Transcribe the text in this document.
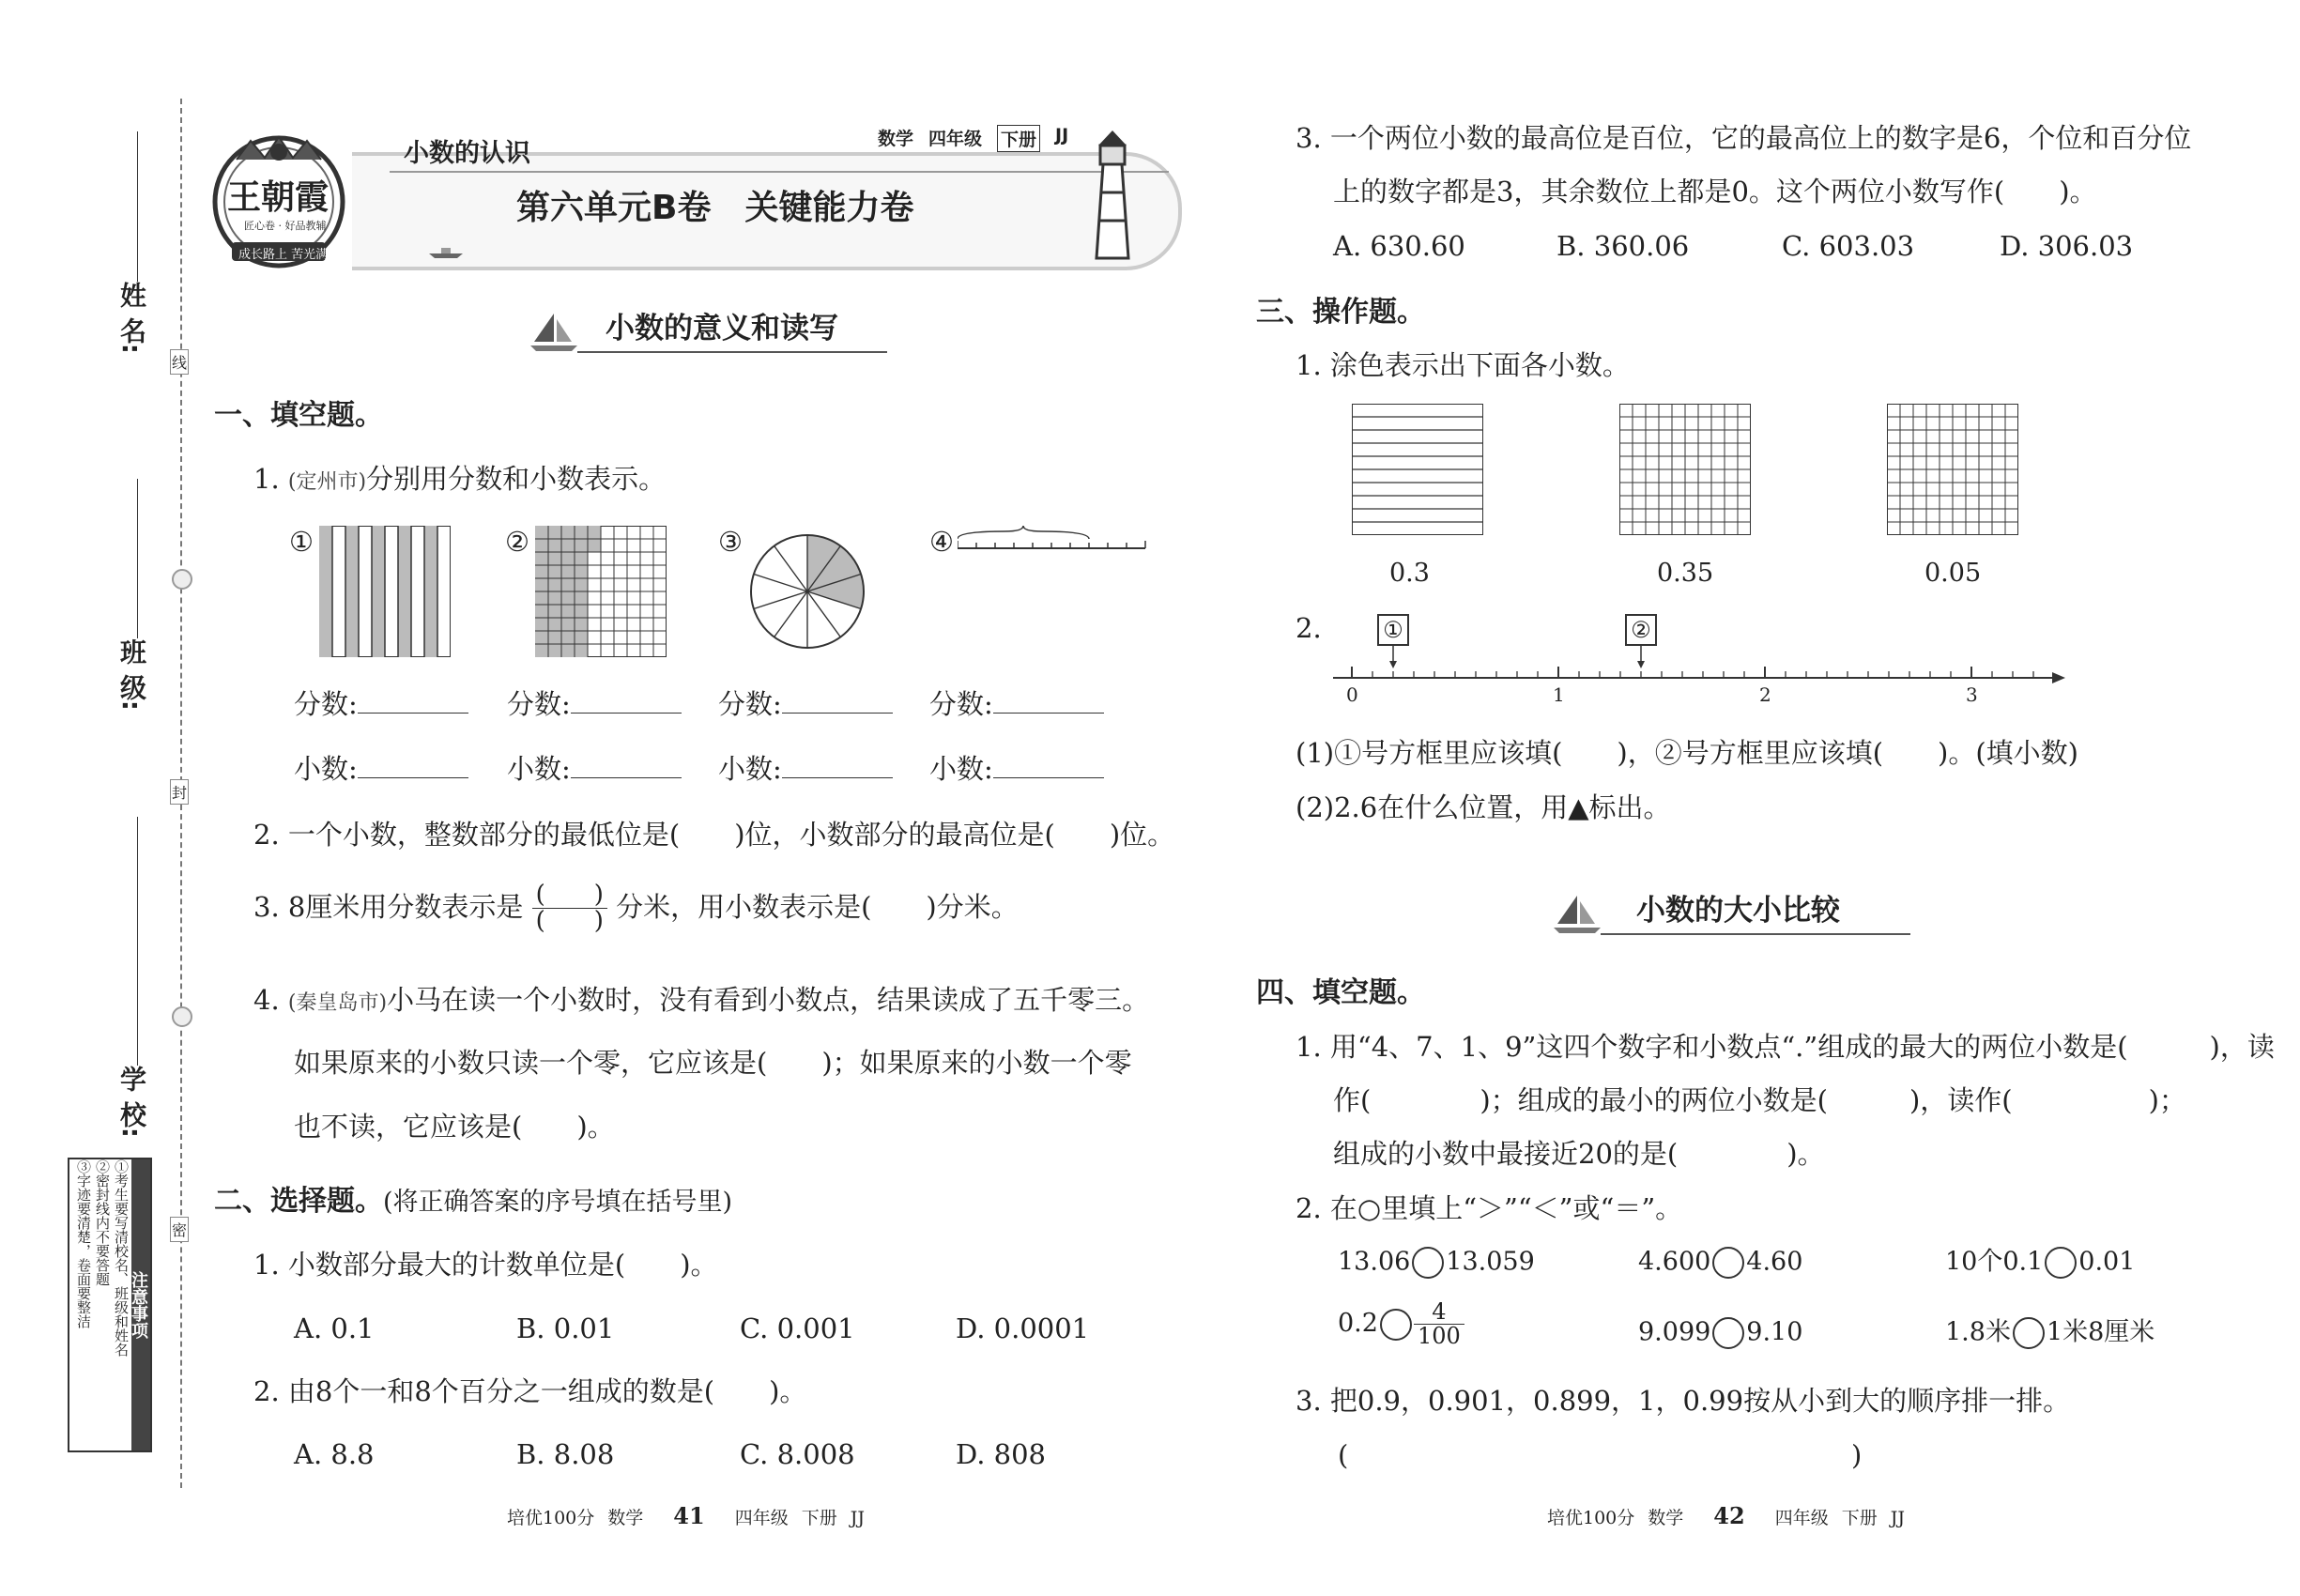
姓 名:
班 级:
学 校:
线
封
密
注意事项
①考生要写清校名、班级和姓名
②密封线内不要答题
③字迹要清楚，卷面要整洁
王朝霞
匠心卷 · 好品教辅
成长路上 苦光满天
小数的认识	数学 四年级 下册 JJ
第六单元B卷　关键能力卷
小数的意义和读写
一、填空题。
1. (定州市)分别用分数和小数表示。
①	②	③	④
分数:	分数:	分数:	分数:
小数:	小数:	小数:	小数:
2. 一个小数，整数部分的最低位是(　　)位，小数部分的最高位是(　　)位。
3. 8厘米用分数表示是 $\frac{( )}{( )}$ 分米，用小数表示是(　　)分米。
4. (秦皇岛市)小马在读一个小数时，没有看到小数点，结果读成了五千零三。
如果原来的小数只读一个零，它应该是(　　)；如果原来的小数一个零
也不读，它应该是(　　)。
二、选择题。(将正确答案的序号填在括号里)
1. 小数部分最大的计数单位是(　　)。
A. 0.1	B. 0.01	C. 0.001	D. 0.0001
2. 由8个一和8个百分之一组成的数是(　　)。
A. 8.8	B. 8.08	C. 8.008	D. 808
培优100分 数学 41 四年级 下册 JJ
3. 一个两位小数的最高位是百位，它的最高位上的数字是6，个位和百分位
上的数字都是3，其余数位上都是0。这个两位小数写作(　　)。
A. 630.60	B. 360.06	C. 603.03	D. 306.03
三、操作题。
1. 涂色表示出下面各小数。
0.3	0.35	0.05
2.	①	②
0	1	2	3
(1)①号方框里应该填(　　)，②号方框里应该填(　　)。(填小数)
(2)2.6在什么位置，用▲标出。
小数的大小比较
四、填空题。
1. 用“4、7、1、9”这四个数字和小数点“.”组成的最大的两位小数是(　　　)，读
作(　　　　)；组成的最小的两位小数是(　　　)，读作(　　　　　)；
组成的小数中最接近20的是(　　　　)。
2. 在○里填上“＞”“＜”或“＝”。
13.06 13.059	4.600 4.60	10个0.1 0.01
$0.2 \frac{4}{100}$	9.099 9.10	1.8米 1米8厘米
3. 把0.9，0.901，0.899，1，0.99按从小到大的顺序排一排。
(	)
培优100分 数学 42 四年级 下册 JJ
